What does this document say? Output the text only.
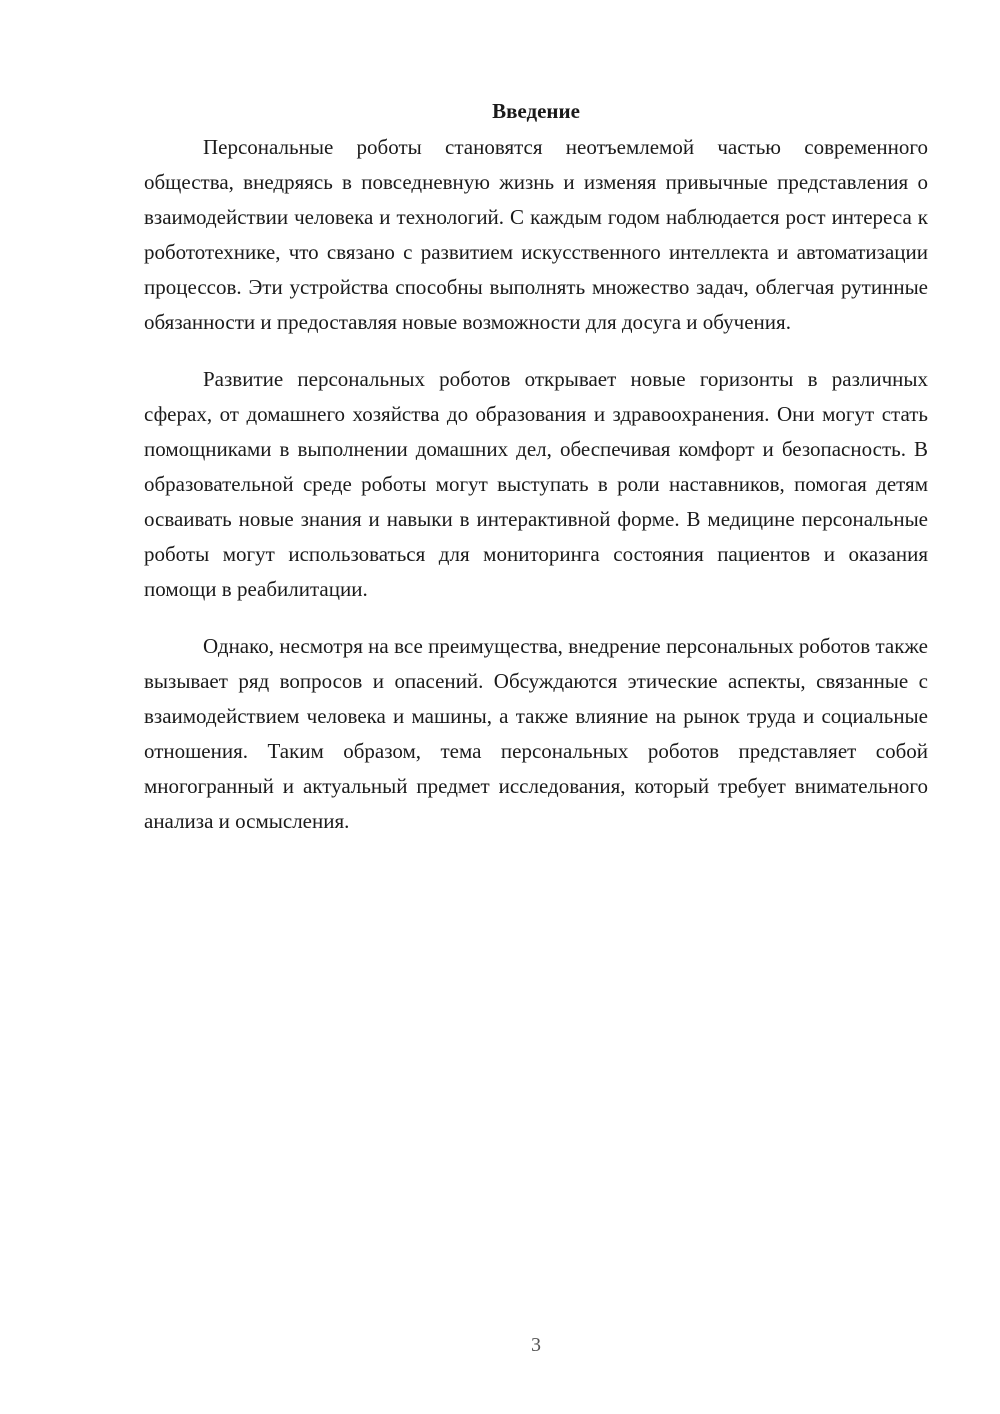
Введение

Персональные роботы становятся неотъемлемой частью современного общества, внедряясь в повседневную жизнь и изменяя привычные представления о взаимодействии человека и технологий. С каждым годом наблюдается рост интереса к робототехнике, что связано с развитием искусственного интеллекта и автоматизации процессов. Эти устройства способны выполнять множество задач, облегчая рутинные обязанности и предоставляя новые возможности для досуга и обучения.

Развитие персональных роботов открывает новые горизонты в различных сферах, от домашнего хозяйства до образования и здравоохранения. Они могут стать помощниками в выполнении домашних дел, обеспечивая комфорт и безопасность. В образовательной среде роботы могут выступать в роли наставников, помогая детям осваивать новые знания и навыки в интерактивной форме. В медицине персональные роботы могут использоваться для мониторинга состояния пациентов и оказания помощи в реабилитации.

Однако, несмотря на все преимущества, внедрение персональных роботов также вызывает ряд вопросов и опасений. Обсуждаются этические аспекты, связанные с взаимодействием человека и машины, а также влияние на рынок труда и социальные отношения. Таким образом, тема персональных роботов представляет собой многогранный и актуальный предмет исследования, который требует внимательного анализа и осмысления.

3
